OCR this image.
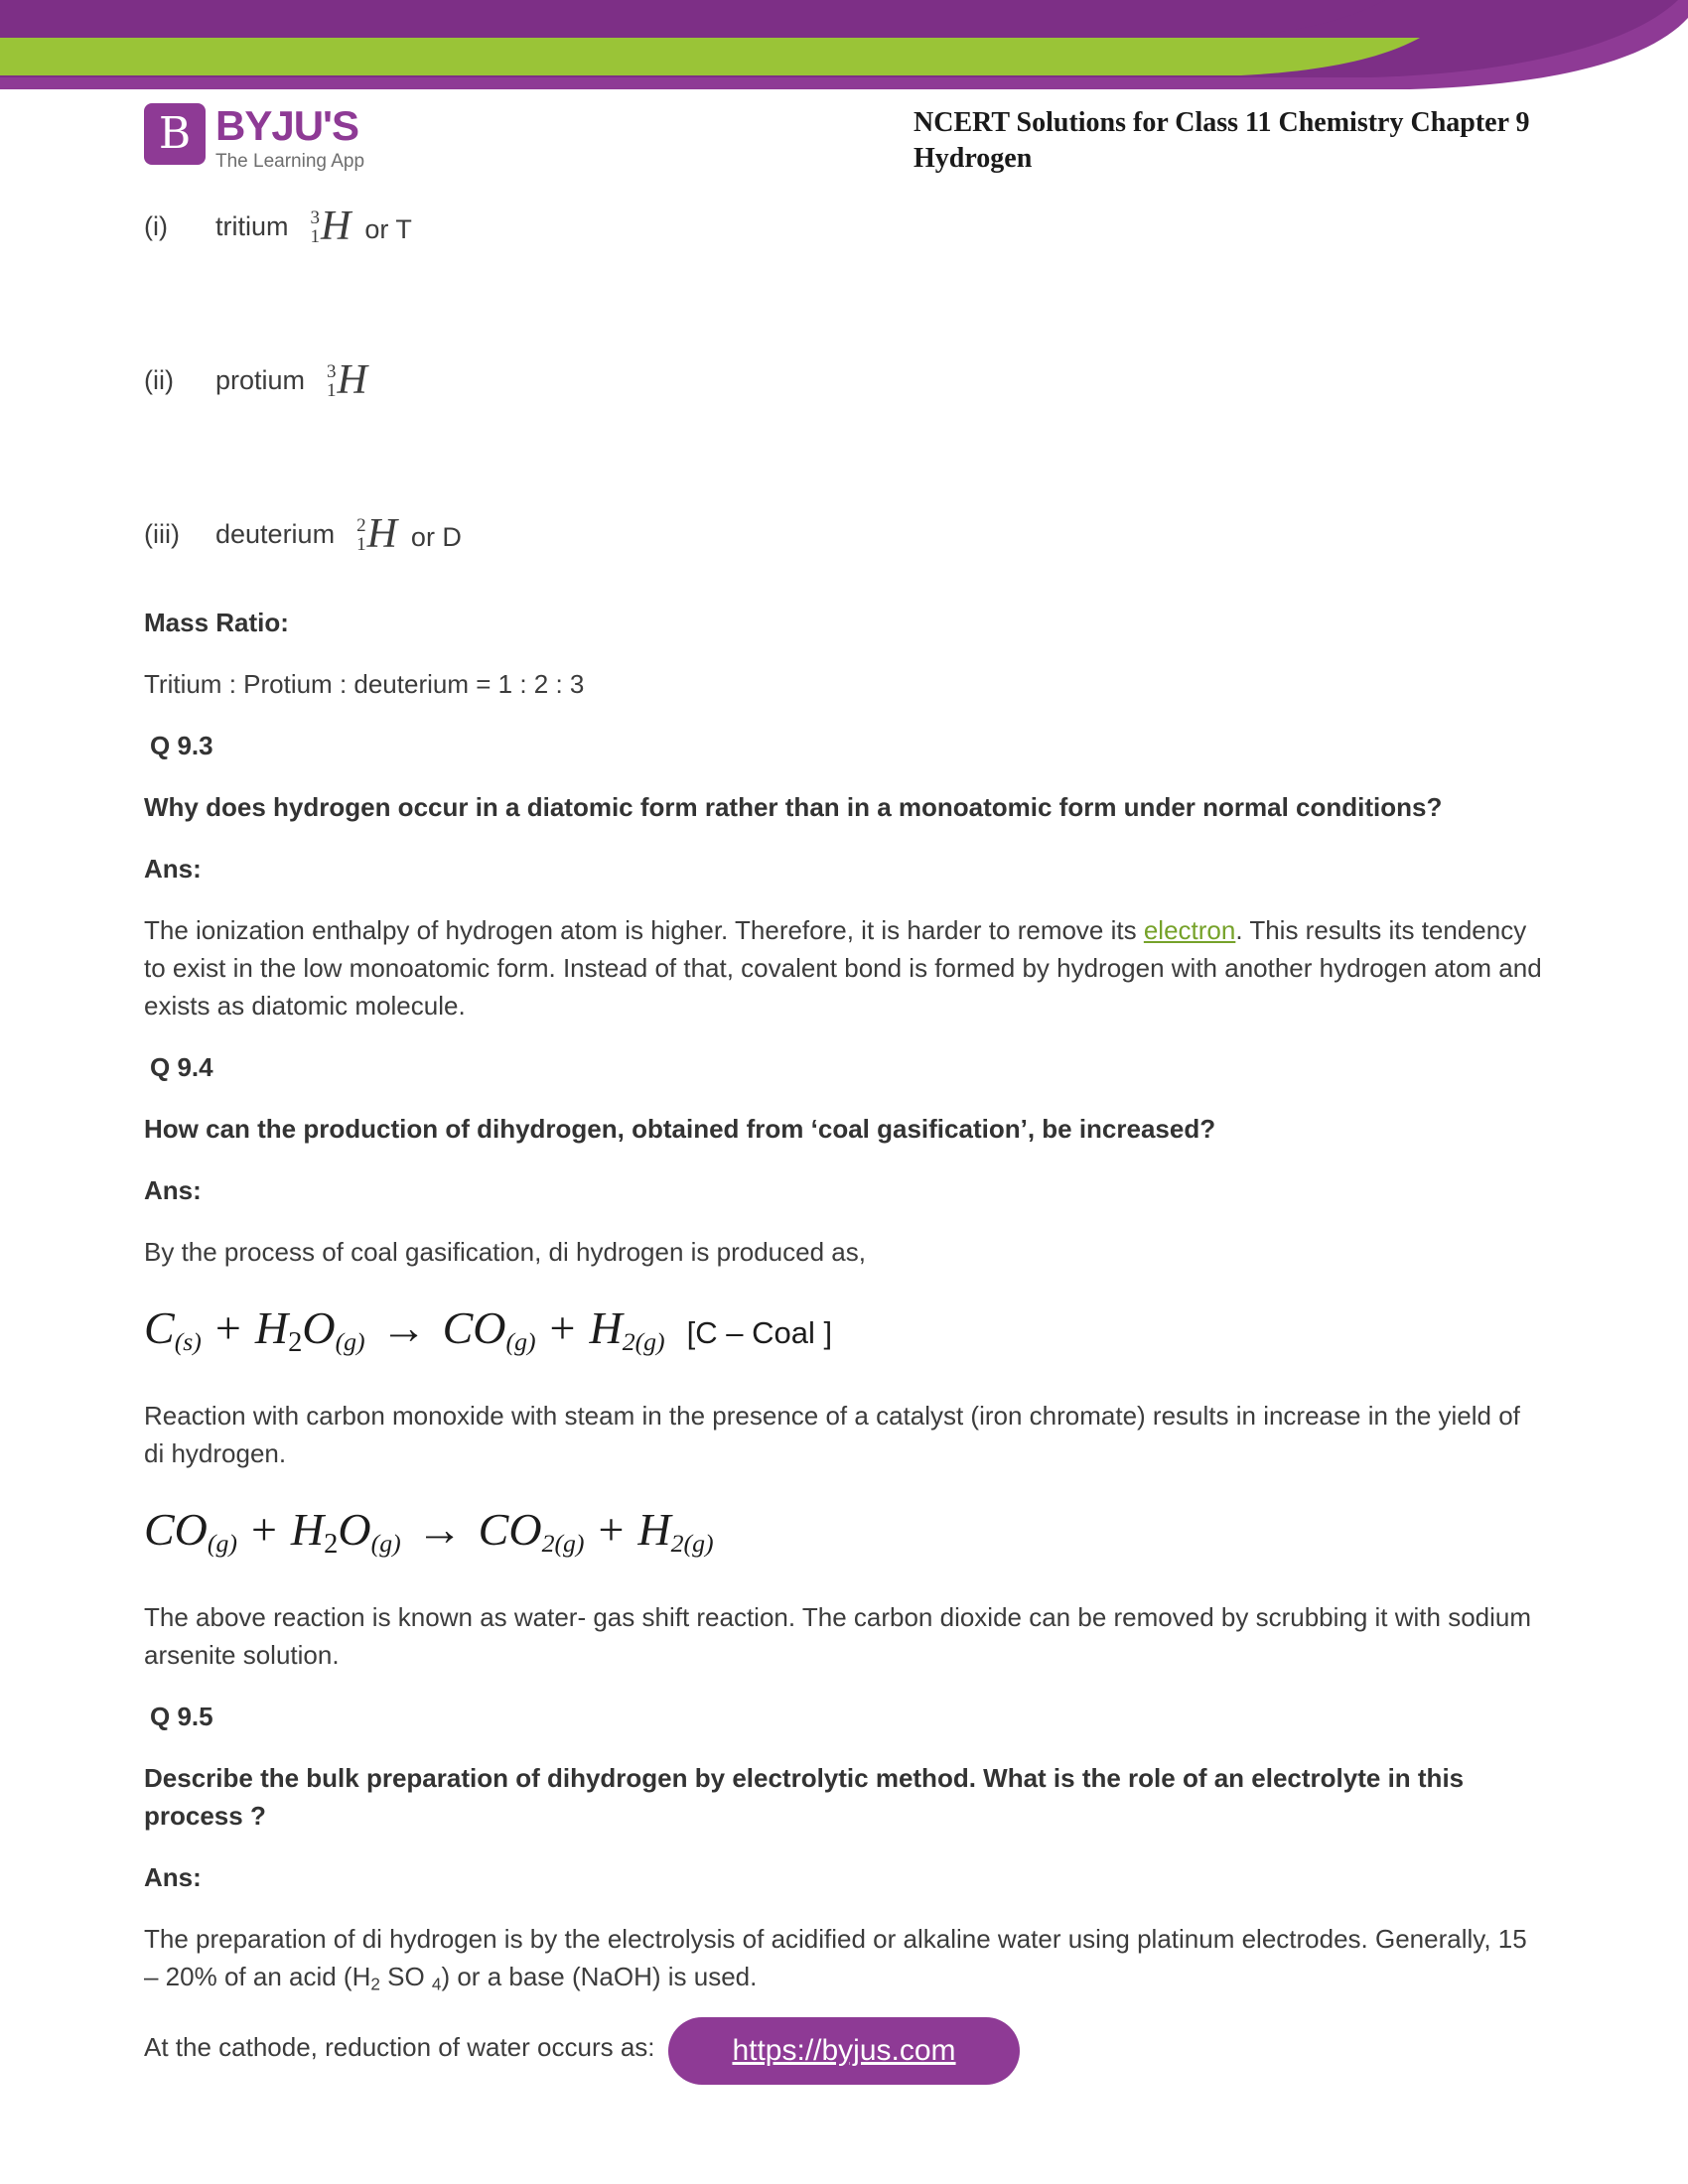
B BYJU'S
The Learning App
NCERT Solutions for Class 11 Chemistry Chapter 9
Hydrogen
(i)	tritium 3
1 H or T
(ii)	protium 3
1 H
(iii)	deuterium 2
1 H or D

Mass Ratio:

Tritium : Protium : deuterium = 1 : 2 : 3

Q 9.3

Why does hydrogen occur in a diatomic form rather than in a monoatomic form under normal conditions?

Ans:

The ionization enthalpy of hydrogen atom is higher. Therefore, it is harder to remove its electron. This results its tendency to exist in the low monoatomic form. Instead of that, covalent bond is formed by hydrogen with another hydrogen atom and exists as diatomic molecule.

Q 9.4

How can the production of dihydrogen, obtained from ‘coal gasification’, be increased?

Ans:

By the process of coal gasification, di hydrogen is produced as,

$C_{(s)} + H2O_{(g)} \to CO_{(g)} + H_{2(g)}$ [C – Coal ]

Reaction with carbon monoxide with steam in the presence of a catalyst (iron chromate) results in increase in the yield of di hydrogen.

$CO_{(g)} + H2O_{(g)} \to CO_{2(g)} + H_{2(g)}$

The above reaction is known as water- gas shift reaction. The carbon dioxide can be removed by scrubbing it with sodium arsenite solution.

Q 9.5

Describe the bulk preparation of dihydrogen by electrolytic method. What is the role of an electrolyte in this process ?

Ans:

The preparation of di hydrogen is by the electrolysis of acidified or alkaline water using platinum electrodes. Generally, 15 – 20% of an acid (H2 SO 4) or a base (NaOH) is used.

At the cathode, reduction of water occurs as:	https://byjus.com
